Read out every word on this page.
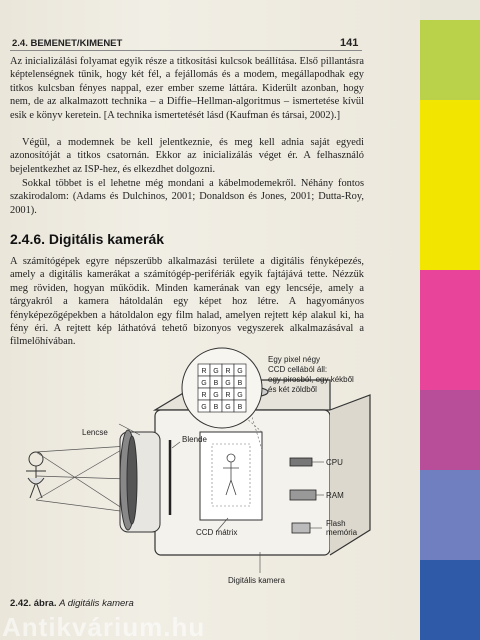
2.4. BEMENET/KIMENET	141

Az inicializálási folyamat egyik része a titkosítási kulcsok beállítása. Első pillantásra képtelenségnek tűnik, hogy két fél, a fejállomás és a modem, megállapodhak egy titkos kulcsban fényes nappal, ezer ember szeme láttára. Kiderült azonban, hogy nem, de az alkalmazott technika – a Diffie–Hellman-algoritmus – ismertetése kívül esik e könyv keretein. [A technika ismertetését lásd (Kaufman és társai, 2002).]

Végül, a modemnek be kell jelentkeznie, és meg kell adnia saját egyedi azonosítóját a titkos csatornán. Ekkor az inicializálás véget ér. A felhasználó bejelentkezhet az ISP-hez, és elkezdhet dolgozni.

Sokkal többet is el lehetne még mondani a kábelmodemekről. Néhány fontos szakirodalom: (Adams és Dulchinos, 2001; Donaldson és Jones, 2001; Dutta-Roy, 2001).

2.4.6. Digitális kamerák

A számítógépek egyre népszerűbb alkalmazási területe a digitális fényképezés, amely a digitális kamerákat a számítógép-perifériák egyik fajtájává tette. Nézzük meg röviden, hogyan működik. Minden kamerának van egy lencséje, amely a tárgyakról a kamera hátoldalán egy képet hoz létre. A hagyományos fényképezőgépekben a hátoldalon egy film halad, amelyen rejtett kép alakul ki, ha fény éri. A rejtett kép láthatóvá tehető bizonyos vegyszerek alkalmazásával a filmelőhívában.

R G R G
G B G B
R G R G
G B G B
Egy pixel négy
CCD cellából áll:
egy pirosból, egy kékből
és két zöldből
Lencse
Blende
CCD mátrix
CPU
RAM
Flash
memória
Digitális kamera
2.42. ábra. A digitális kamera
Antikvárium.hu
